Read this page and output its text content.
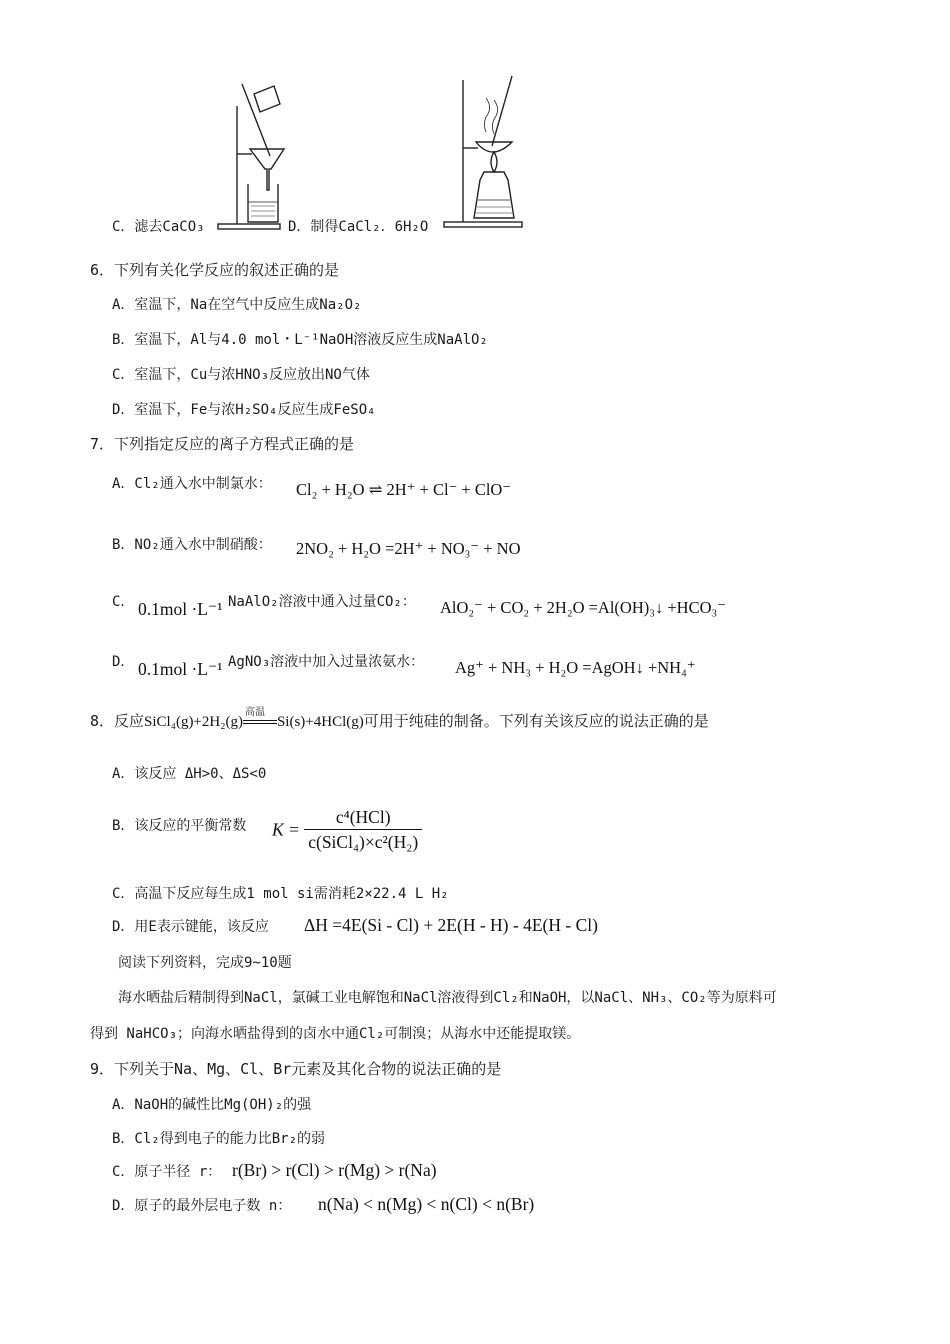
C．滤去CaCO₃	D．制得CaCl₂．6H₂O
6．下列有关化学反应的叙述正确的是
A．室温下，Na在空气中反应生成Na₂O₂
B．室温下，Al与4.0 mol・L⁻¹NaOH溶液反应生成NaAlO₂
C．室温下，Cu与浓HNO₃反应放出NO气体
D．室温下，Fe与浓H₂SO₄反应生成FeSO₄
7．下列指定反应的离子方程式正确的是
A．Cl₂通入水中制氯水： Cl₂ + H₂O ⇌ 2H⁺ + Cl⁻ + ClO⁻
B．NO₂通入水中制硝酸： 2NO₂ + H₂O =2H⁺ + NO₃⁻ + NO
C． 0.1mol ·L⁻¹ NaAlO₂溶液中通入过量CO₂： AlO₂⁻ + CO₂ + 2H₂O =Al(OH)₃↓ +HCO₃⁻
D． 0.1mol ·L⁻¹ AgNO₃溶液中加入过量浓氨水： Ag⁺ + NH₃ + H₂O =AgOH↓ +NH₄⁺
8．反应SiCl₄(g)+2H₂(g)
高温
Si(s)+4HCl(g)可用于纯硅的制备。下列有关该反应的说法正确的是
A．该反应 ΔH>0、ΔS<0
B．该反应的平衡常数 $K = \frac{\text{c⁴(HCl)}}{\text{c(SiCl₄)×c²(H₂)}}$
C．高温下反应每生成1 mol si需消耗2×22.4 L H₂
D．用E表示键能，该反应 ΔH =4E(Si - Cl) + 2E(H - H) - 4E(H - Cl)
阅读下列资料，完成9~10题
海水晒盐后精制得到NaCl，氯碱工业电解饱和NaCl溶液得到Cl₂和NaOH，以NaCl、NH₃、CO₂等为原料可
得到 NaHCO₃；向海水晒盐得到的卤水中通Cl₂可制溴；从海水中还能提取镁。
9．下列关于Na、Mg、Cl、Br元素及其化合物的说法正确的是
A．NaOH的碱性比Mg(OH)₂的强
B．Cl₂得到电子的能力比Br₂的弱
C．原子半径 r： r(Br) > r(Cl) > r(Mg) > r(Na)
D．原子的最外层电子数 n： n(Na) < n(Mg) < n(Cl) < n(Br)
